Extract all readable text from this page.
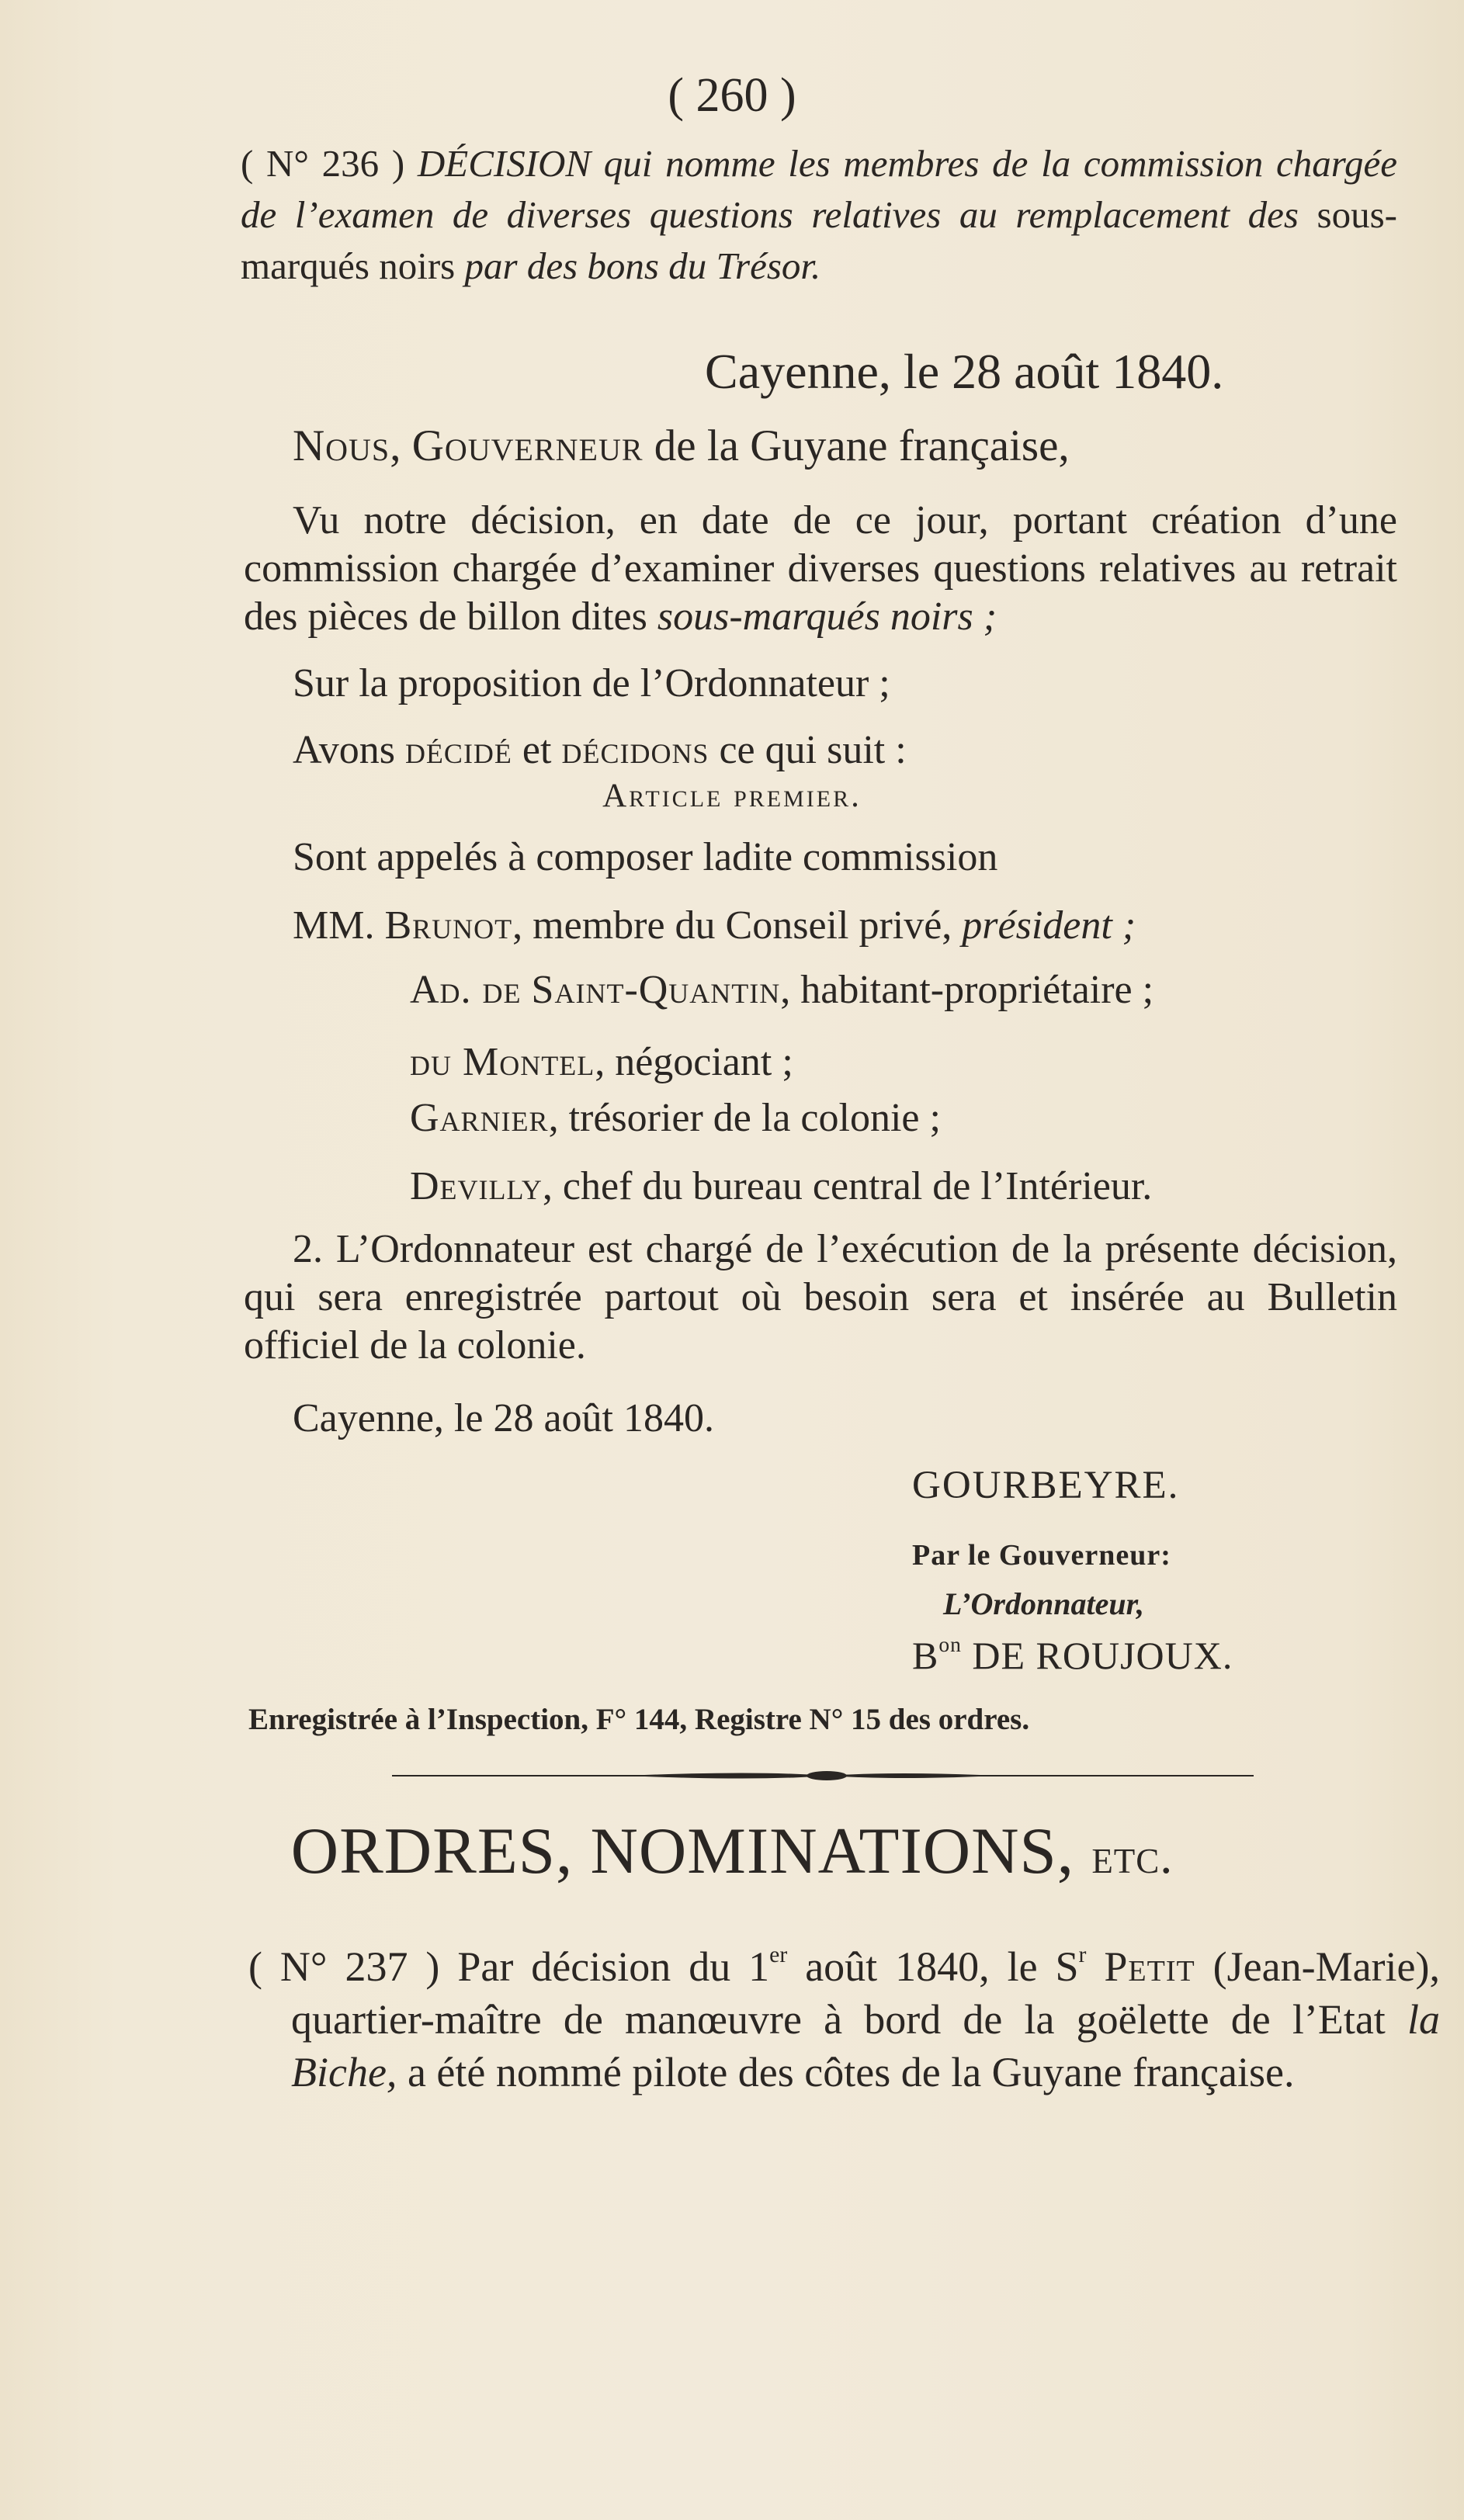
( 260 )

( N° 236 ) DÉCISION qui nomme les membres de la commission chargée de l’examen de diverses questions relatives au remplacement des sous-marqués noirs par des bons du Trésor.

Cayenne, le 28 août 1840.

Nous, Gouverneur de la Guyane française,

Vu notre décision, en date de ce jour, portant création d’une commission chargée d’examiner diverses questions relatives au retrait des pièces de billon dites sous-marqués noirs ;

Sur la proposition de l’Ordonnateur ;

Avons décidé et décidons ce qui suit :

Article premier.

Sont appelés à composer ladite commission

MM. Brunot, membre du Conseil privé, président ;

Ad. de Saint-Quantin, habitant-propriétaire ;

du Montel, négociant ;

Garnier, trésorier de la colonie ;

Devilly, chef du bureau central de l’Intérieur.

2. L’Ordonnateur est chargé de l’exécution de la présente décision, qui sera enregistrée partout où besoin sera et insérée au Bulletin officiel de la colonie.

Cayenne, le 28 août 1840.

GOURBEYRE.

Par le Gouverneur:

L’Ordonnateur,

$B^{on}$ DE ROUJOUX.

Enregistrée à l’Inspection, F° 144, Registre N° 15 des ordres.

ORDRES, NOMINATIONS, etc.

( N° 237 ) Par décision du 1er août 1840, le $S^r$ Petit (Jean-Marie), quartier-maître de manœuvre à bord de la goëlette de l’Etat la Biche, a été nommé pilote des côtes de la Guyane française.
